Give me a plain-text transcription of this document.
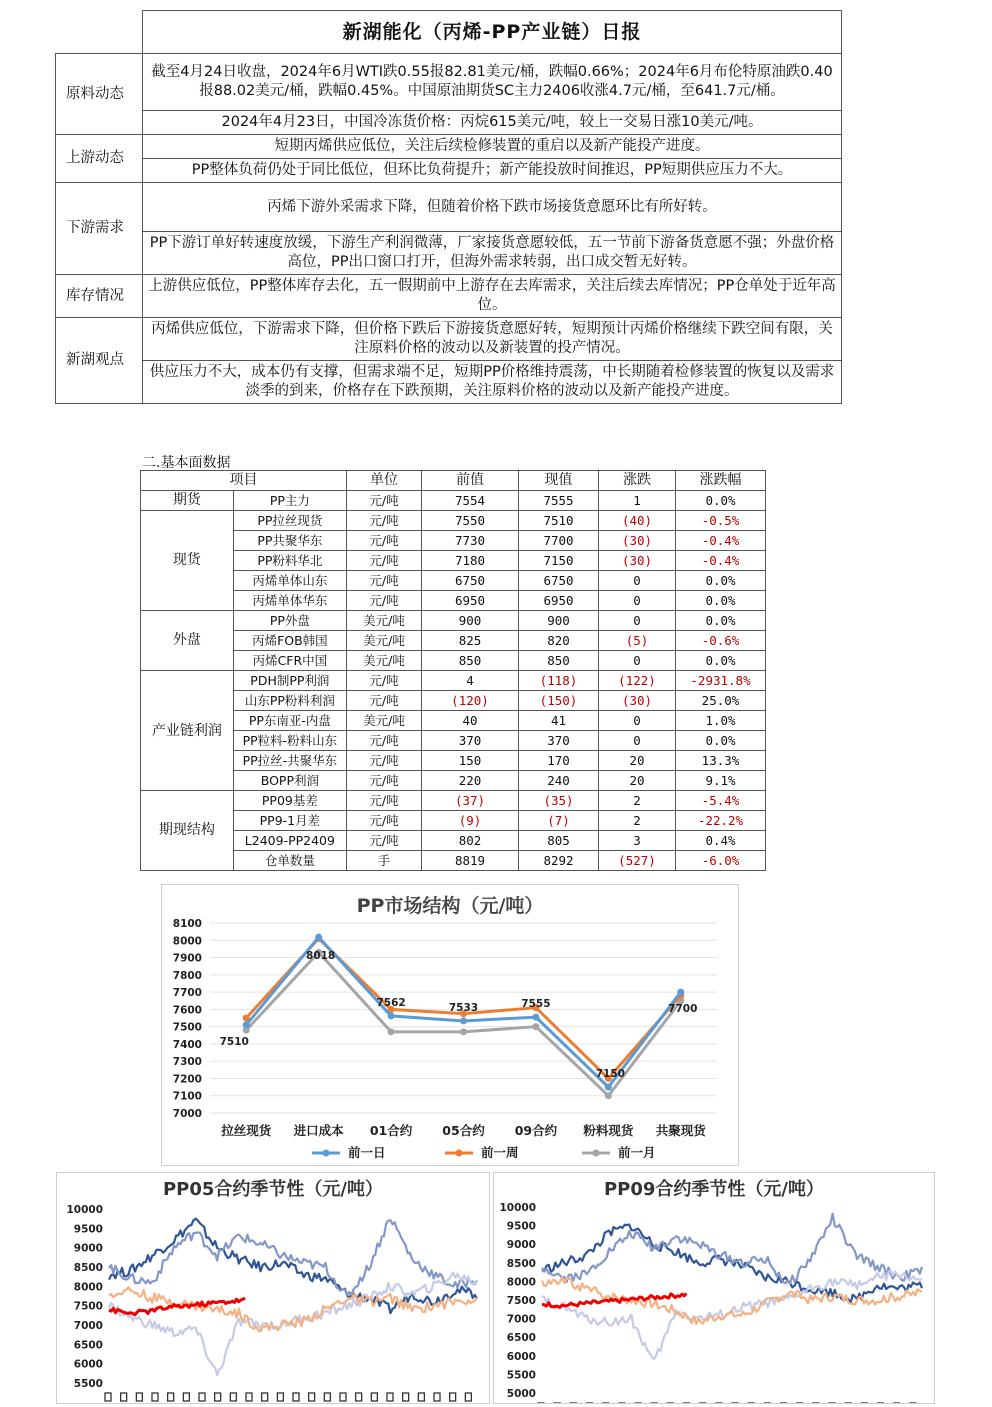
	新湖能化（丙烯-PP产业链）日报
原料动态	截至4月24日收盘，2024年6月WTI跌0.55报82.81美元/桶，跌幅0.66%；2024年6月布伦特原油跌0.40报88.02美元/桶，跌幅0.45%。中国原油期货SC主力2406收涨4.7元/桶，至641.7元/桶。
	2024年4月23日，中国冷冻货价格：丙烷615美元/吨，较上一交易日涨10美元/吨。
上游动态	短期丙烯供应低位，关注后续检修装置的重启以及新产能投产进度。
	PP整体负荷仍处于同比低位，但环比负荷提升；新产能投放时间推迟，PP短期供应压力不大。
下游需求	丙烯下游外采需求下降，但随着价格下跌市场接货意愿环比有所好转。
	PP下游订单好转速度放缓，下游生产利润微薄，厂家接货意愿较低，五一节前下游备货意愿不强；外盘价格高位，PP出口窗口打开，但海外需求转弱，出口成交暂无好转。
库存情况	上游供应低位，PP整体库存去化，五一假期前中上游存在去库需求，关注后续去库情况；PP仓单处于近年高位。
新湖观点	丙烯供应低位，下游需求下降，但价格下跌后下游接货意愿好转，短期预计丙烯价格继续下跌空间有限，关注原料价格的波动以及新装置的投产情况。
	供应压力不大，成本仍有支撑，但需求端不足，短期PP价格维持震荡，中长期随着检修装置的恢复以及需求淡季的到来，价格存在下跌预期，关注原料价格的波动以及新产能投产进度。
二.基本面数据
项目		单位	前值	现值	涨跌	涨跌幅
期货	PP主力	元/吨	7554	7555	1	0.0%
现货	PP拉丝现货	元/吨	7550	7510	(40)	-0.5%
	PP共聚华东	元/吨	7730	7700	(30)	-0.4%
	PP粉料华北	元/吨	7180	7150	(30)	-0.4%
	丙烯单体山东	元/吨	6750	6750	0	0.0%
	丙烯单体华东	元/吨	6950	6950	0	0.0%
外盘	PP外盘	美元/吨	900	900	0	0.0%
	丙烯FOB韩国	美元/吨	825	820	(5)	-0.6%
	丙烯CFR中国	美元/吨	850	850	0	0.0%
产业链利润	PDH制PP利润	元/吨	4	(118)	(122)	-2931.8%
	山东PP粉料利润	元/吨	(120)	(150)	(30)	25.0%
	PP东南亚-内盘	美元/吨	40	41	0	1.0%
	PP粒料-粉料山东	元/吨	370	370	0	0.0%
	PP拉丝-共聚华东	元/吨	150	170	20	13.3%
	BOPP利润	元/吨	220	240	20	9.1%
期现结构	PP09基差	元/吨	(37)	(35)	2	-5.4%
	PP9-1月差	元/吨	(9)	(7)	2	-22.2%
	L2409-PP2409	元/吨	802	805	3	0.4%
	仓单数量	手	8819	8292	(527)	-6.0%
PP市场结构（元/吨）
7000
7100
7200
7300
7400
7500
7600
7700
7800
7900
8000
8100
拉丝现货 进口成本 01合约 05合约 09合约 粉料现货 共聚现货
7510
8018
7562	7533	7555
7150
7700
前一日	前一周	前一月
PP05合约季节性（元/吨）
5500
6000
6500
7000
7500
8000
8500
9000
9500
10000
PP09合约季节性（元/吨）
5000
5500
6000
6500
7000
7500
8000
8500
9000
9500
10000
